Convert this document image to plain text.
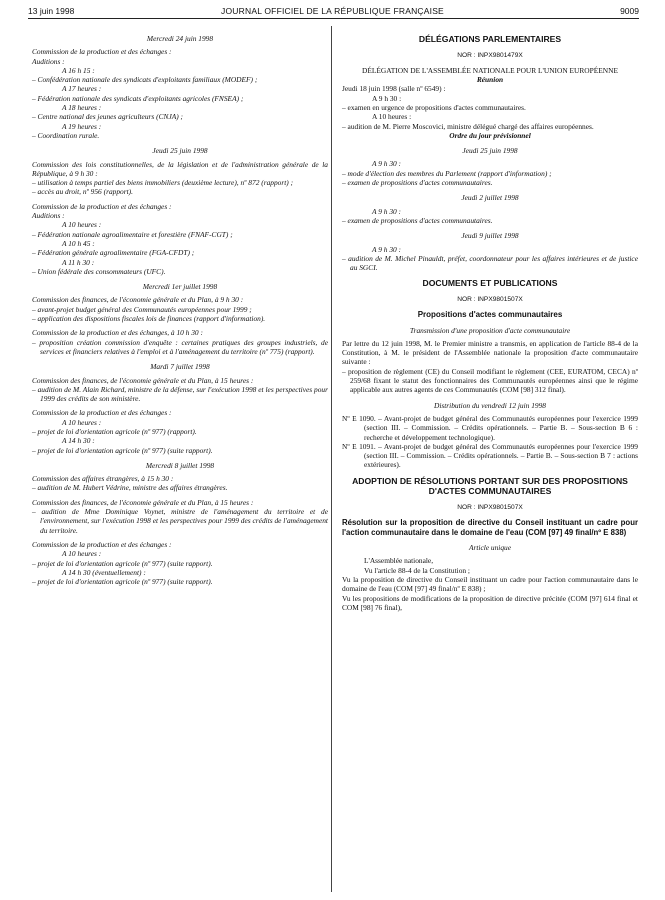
13 juin 1998	JOURNAL OFFICIEL DE LA RÉPUBLIQUE FRANÇAISE	9009
Mercredi 24 juin 1998
Commission de la production et des échanges :
Auditions :
A 16 h 15 :
– Confédération nationale des syndicats d'exploitants familiaux (MODEF) ;
A 17 heures :
– Fédération nationale des syndicats d'exploitants agricoles (FNSEA) ;
A 18 heures :
– Centre national des jeunes agriculteurs (CNJA) ;
A 19 heures :
– Coordination rurale.
Jeudi 25 juin 1998
Commission des lois constitutionnelles, de la législation et de l'administration générale de la République, à 9 h 30 :
– utilisation à temps partiel des biens immobiliers (deuxième lecture), nº 872 (rapport) ;
– accès au droit, nº 956 (rapport).
Commission de la production et des échanges :
Auditions :
A 10 heures :
– Fédération nationale agroalimentaire et forestière (FNAF-CGT) ;
A 10 h 45 :
– Fédération générale agroalimentaire (FGA-CFDT) ;
A 11 h 30 :
– Union fédérale des consommateurs (UFC).
Mercredi 1er juillet 1998
Commission des finances, de l'économie générale et du Plan, à 9 h 30 :
– avant-projet budget général des Communautés européennes pour 1999 ;
– application des dispositions fiscales lois de finances (rapport d'information).
Commission de la production et des échanges, à 10 h 30 :
– proposition création commission d'enquête : certaines pratiques des groupes industriels, de services et financiers relatives à l'emploi et à l'aménagement du territoire (nº 775) (rapport).
Mardi 7 juillet 1998
Commission des finances, de l'économie générale et du Plan, à 15 heures :
– audition de M. Alain Richard, ministre de la défense, sur l'exécution 1998 et les perspectives pour 1999 des crédits de son ministère.
Commission de la production et des échanges :
A 10 heures :
– projet de loi d'orientation agricole (nº 977) (rapport).
A 14 h 30 :
– projet de loi d'orientation agricole (nº 977) (suite rapport).
Mercredi 8 juillet 1998
Commission des affaires étrangères, à 15 h 30 :
– audition de M. Hubert Védrine, ministre des affaires étrangères.
Commission des finances, de l'économie générale et du Plan, à 15 heures :
– audition de Mme Dominique Voynet, ministre de l'aménagement du territoire et de l'environnement, sur l'exécution 1998 et les perspectives pour 1999 des crédits de l'aménagement du territoire.
Commission de la production et des échanges :
A 10 heures :
– projet de loi d'orientation agricole (nº 977) (suite rapport).
A 14 h 30 (éventuellement) :
– projet de loi d'orientation agricole (nº 977) (suite rapport).
DÉLÉGATIONS PARLEMENTAIRES
NOR : INPX9801479X
DÉLÉGATION DE L'ASSEMBLÉE NATIONALE POUR L'UNION EUROPÉENNE
Réunion
Jeudi 18 juin 1998 (salle nº 6549) :
A 9 h 30 :
– examen en urgence de propositions d'actes communautaires.
A 10 heures :
– audition de M. Pierre Moscovici, ministre délégué chargé des affaires européennes.
Ordre du jour prévisionnel
Jeudi 25 juin 1998
A 9 h 30 :
– mode d'élection des membres du Parlement (rapport d'information) ;
– examen de propositions d'actes communautaires.
Jeudi 2 juillet 1998
A 9 h 30 :
– examen de propositions d'actes communautaires.
Jeudi 9 juillet 1998
A 9 h 30 :
– audition de M. Michel Pinauldt, préfet, coordonnateur pour les affaires intérieures et de justice au SGCI.
DOCUMENTS ET PUBLICATIONS
NOR : INPX9801507X
Propositions d'actes communautaires
Transmission d'une proposition d'acte communautaire
Par lettre du 12 juin 1998, M. le Premier ministre a transmis, en application de l'article 88-4 de la Constitution, à M. le président de l'Assemblée nationale la proposition d'acte communautaire suivante :
– proposition de règlement (CE) du Conseil modifiant le règlement (CEE, EURATOM, CECA) nº 259/68 fixant le statut des fonctionnaires des Communautés européennes ainsi que le régime applicable aux autres agents de ces Communautés (COM [98] 312 final).
Distribution du vendredi 12 juin 1998
Nº E 1090. – Avant-projet de budget général des Communautés européennes pour l'exercice 1999 (section III. – Commission. – Crédits opérationnels. – Partie B. – Sous-section B 6 : recherche et développement technologique).
Nº E 1091. – Avant-projet de budget général des Communautés européennes pour l'exercice 1999 (section III. – Commission. – Crédits opérationnels. – Partie B. – Sous-section B 7 : actions extérieures).
ADOPTION DE RÉSOLUTIONS PORTANT SUR DES PROPOSITIONS D'ACTES COMMUNAUTAIRES
NOR : INPX9801507X
Résolution sur la proposition de directive du Conseil instituant un cadre pour l'action communautaire dans le domaine de l'eau (COM [97] 49 final/nº E 838)
Article unique
L'Assemblée nationale,
Vu l'article 88-4 de la Constitution ;
Vu la proposition de directive du Conseil instituant un cadre pour l'action communautaire dans le domaine de l'eau (COM [97] 49 final/nº E 838) ;
Vu les propositions de modifications de la proposition de directive précitée (COM [97] 614 final et COM [98] 76 final),
